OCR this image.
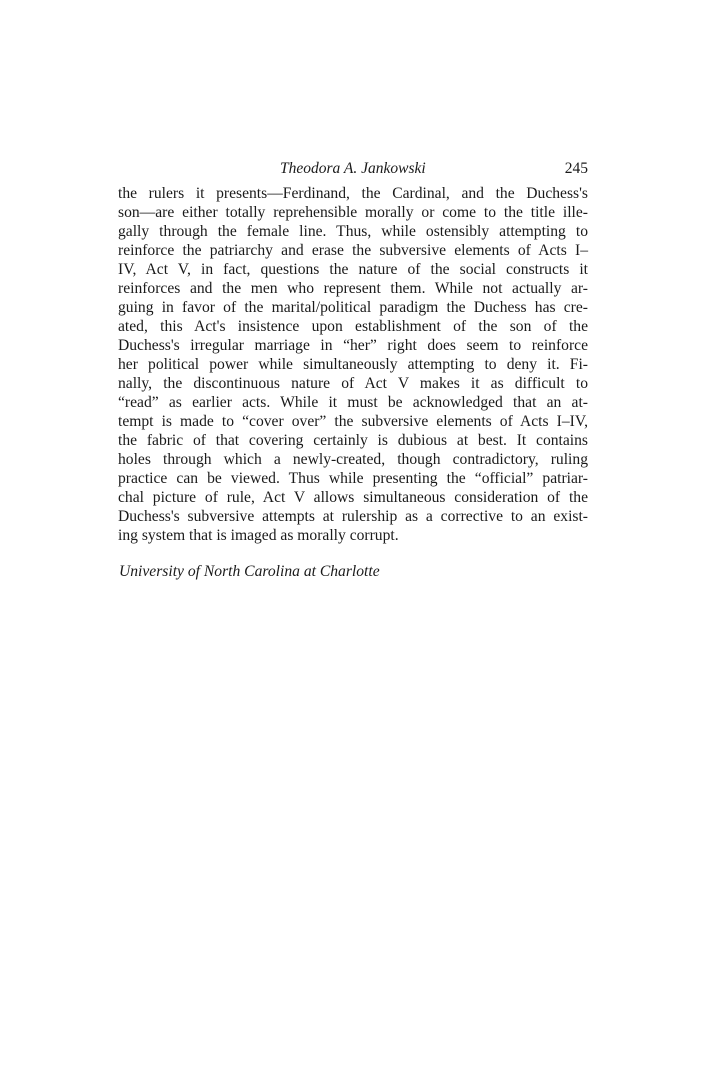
Theodora A. Jankowski	245

the rulers it presents—Ferdinand, the Cardinal, and the Duchess's
son—are either totally reprehensible morally or come to the title ille-
gally through the female line. Thus, while ostensibly attempting to
reinforce the patriarchy and erase the subversive elements of Acts I–
IV, Act V, in fact, questions the nature of the social constructs it
reinforces and the men who represent them. While not actually ar-
guing in favor of the marital/political paradigm the Duchess has cre-
ated, this Act's insistence upon establishment of the son of the
Duchess's irregular marriage in “her” right does seem to reinforce
her political power while simultaneously attempting to deny it. Fi-
nally, the discontinuous nature of Act V makes it as difficult to
“read” as earlier acts. While it must be acknowledged that an at-
tempt is made to “cover over” the subversive elements of Acts I–IV,
the fabric of that covering certainly is dubious at best. It contains
holes through which a newly-created, though contradictory, ruling
practice can be viewed. Thus while presenting the “official” patriar-
chal picture of rule, Act V allows simultaneous consideration of the
Duchess's subversive attempts at rulership as a corrective to an exist-
ing system that is imaged as morally corrupt.

University of North Carolina at Charlotte
